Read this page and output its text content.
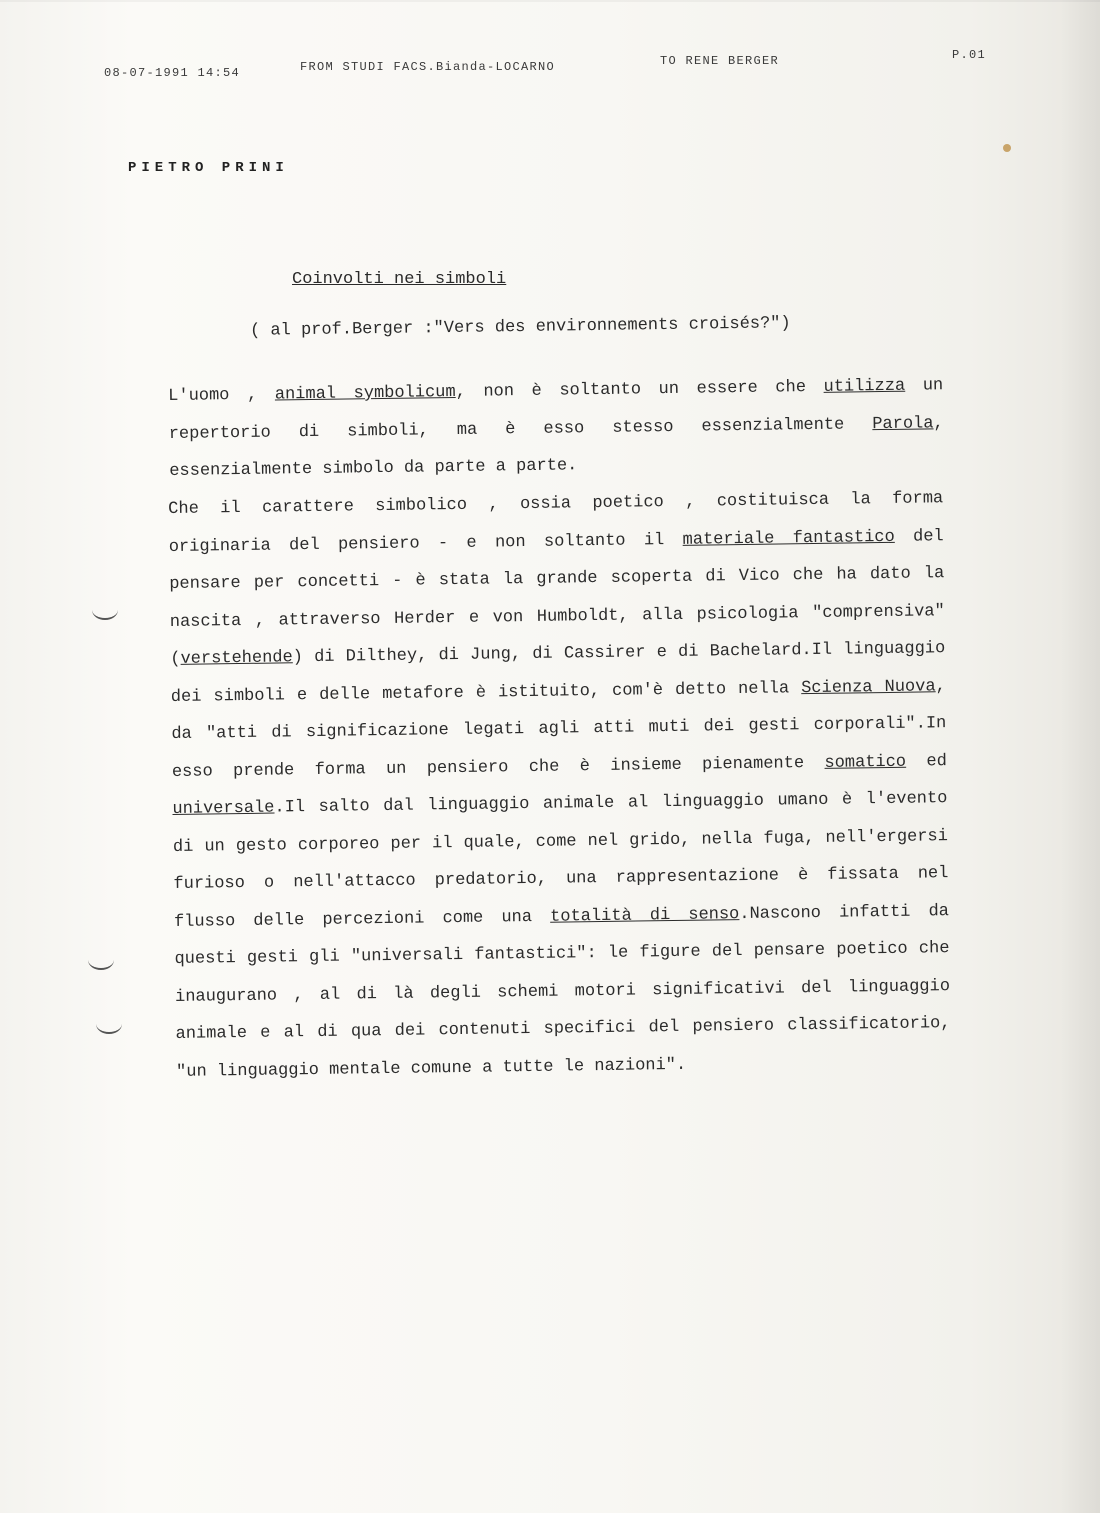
08-07-1991 14:54	FROM STUDI FACS.Bianda-LOCARNO	TO RENE BERGER	P.01
PIETRO PRINI
Coinvolti nei simboli
( al prof.Berger :"Vers des environnements croisés?")
L'uomo , animal symbolicum, non è soltanto un essere che utilizza un repertorio di simboli, ma è esso stesso essenzialmente Parola, essenzialmente simbolo da parte a parte.
Che il carattere simbolico , ossia poetico , costituisca la forma originaria del pensiero - e non soltanto il materiale fantastico del pensare per concetti - è stata la grande scoperta di Vico che ha dato la nascita , attraverso Herder e von Humboldt, alla psicologia "comprensiva" (verstehende) di Dilthey, di Jung, di Cassirer e di Bachelard.Il linguaggio dei simboli e delle metafore è istituito, com'è detto nella Scienza Nuova, da "atti di significazione legati agli atti muti dei gesti corporali".In esso prende forma un pensiero che è insieme pienamente somatico ed universale.Il salto dal linguaggio animale al linguaggio umano è l'evento di un gesto corporeo per il quale, come nel grido, nella fuga, nell'ergersi furioso o nell'attacco predatorio, una rappresentazione è fissata nel flusso delle percezioni come una totalità di senso.Nascono infatti da questi gesti gli "universali fantastici": le figure del pensare poetico che inaugurano , al di là degli schemi motori significativi del linguaggio animale e al di qua dei contenuti specifici del pensiero classificatorio, "un linguaggio mentale comune a tutte le nazioni".
